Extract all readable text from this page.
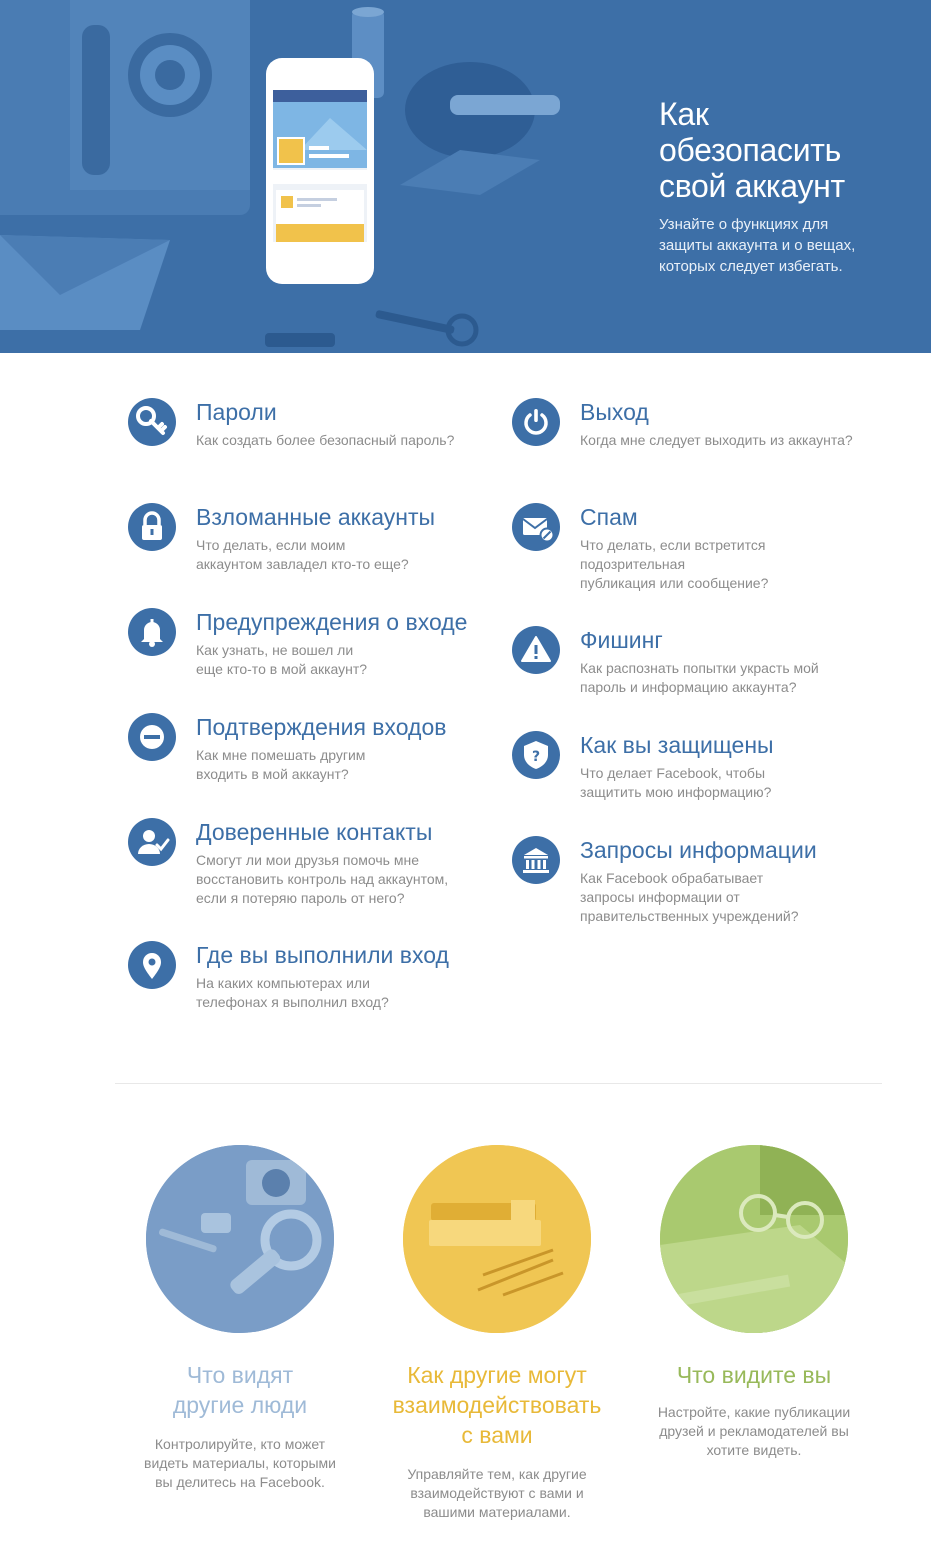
Как
обезопасить
свой аккаунт

Узнайте о функциях для
защиты аккаунта и о вещах,
которых следует избегать.

Пароли
Как создать более безопасный пароль?
Взломанные аккаунты
Что делать, если моим
аккаунтом завладел кто-то еще?
Предупреждения о входе
Как узнать, не вошел ли
еще кто-то в мой аккаунт?
Подтверждения входов
Как мне помешать другим
входить в мой аккаунт?
Доверенные контакты
Смогут ли мои друзья помочь мне
восстановить контроль над аккаунтом,
если я потеряю пароль от него?
Где вы выполнили вход
На каких компьютерах или
телефонах я выполнил вход?
Выход
Когда мне следует выходить из аккаунта?
Спам
Что делать, если встретится
подозрительная
публикация или сообщение?
Фишинг
Как распознать попытки украсть мой
пароль и информацию аккаунта?
? Как вы защищены
Что делает Facebook, чтобы
защитить мою информацию?
Запросы информации
Как Facebook обрабатывает
запросы информации от
правительственных учреждений?
Что видят
другие люди
Контролируйте, кто может
видеть материалы, которыми
вы делитесь на Facebook.
Как другие могут
взаимодействовать
с вами
Управляйте тем, как другие
взаимодействуют с вами и
вашими материалами.
Что видите вы
Настройте, какие публикации
друзей и рекламодателей вы
хотите видеть.
